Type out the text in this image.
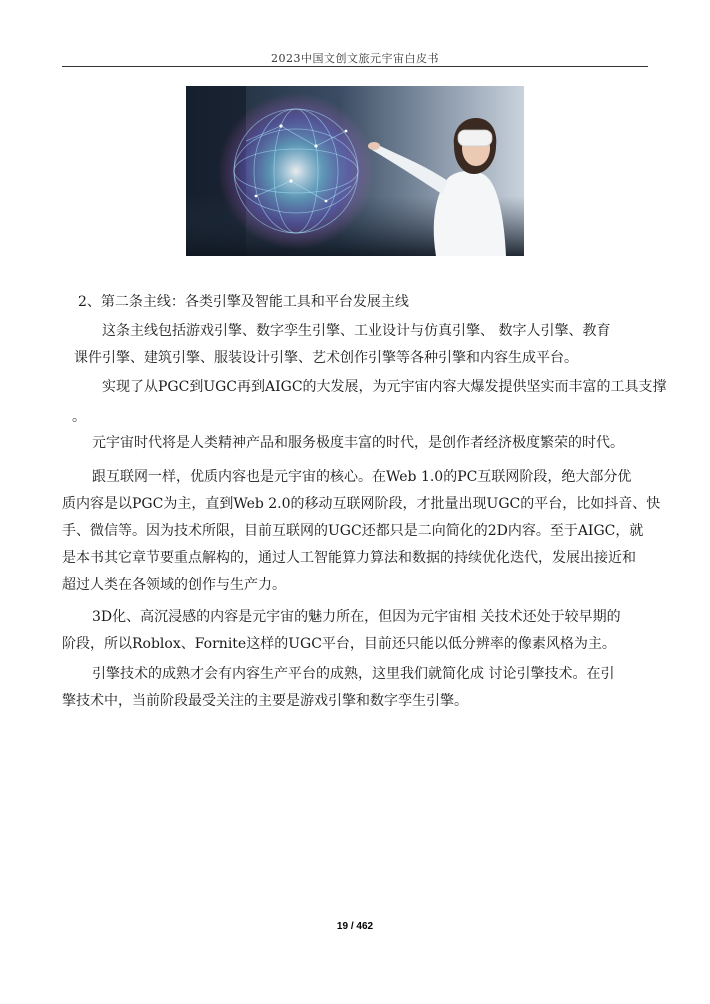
2023中国文创文旅元宇宙白皮书
2、第二条主线：各类引擎及智能工具和平台发展主线
这条主线包括游戏引擎、数字孪生引擎、工业设计与仿真引擎、 数字人引擎、教育
课件引擎、建筑引擎、服装设计引擎、艺术创作引擎等各种引擎和内容生成平台。
实现了从PGC到UGC再到AIGC的大发展，为元宇宙内容大爆发提供坚实而丰富的工具支撑
。
元宇宙时代将是人类精神产品和服务极度丰富的时代，是创作者经济极度繁荣的时代。
跟互联网一样，优质内容也是元宇宙的核心。在Web 1.0的PC互联网阶段，绝大部分优
质内容是以PGC为主，直到Web 2.0的移动互联网阶段，才批量出现UGC的平台，比如抖音、快
手、微信等。因为技术所限，目前互联网的UGC还都只是二向简化的2D内容。至于AIGC，就
是本书其它章节要重点解构的，通过人工智能算力算法和数据的持续优化迭代，发展出接近和
超过人类在各领域的创作与生产力。
3D化、高沉浸感的内容是元宇宙的魅力所在，但因为元宇宙相 关技术还处于较早期的
阶段，所以Roblox、Fornite这样的UGC平台，目前还只能以低分辨率的像素风格为主。
引擎技术的成熟才会有内容生产平台的成熟，这里我们就简化成 讨论引擎技术。在引
擎技术中，当前阶段最受关注的主要是游戏引擎和数字孪生引擎。
19 / 462
